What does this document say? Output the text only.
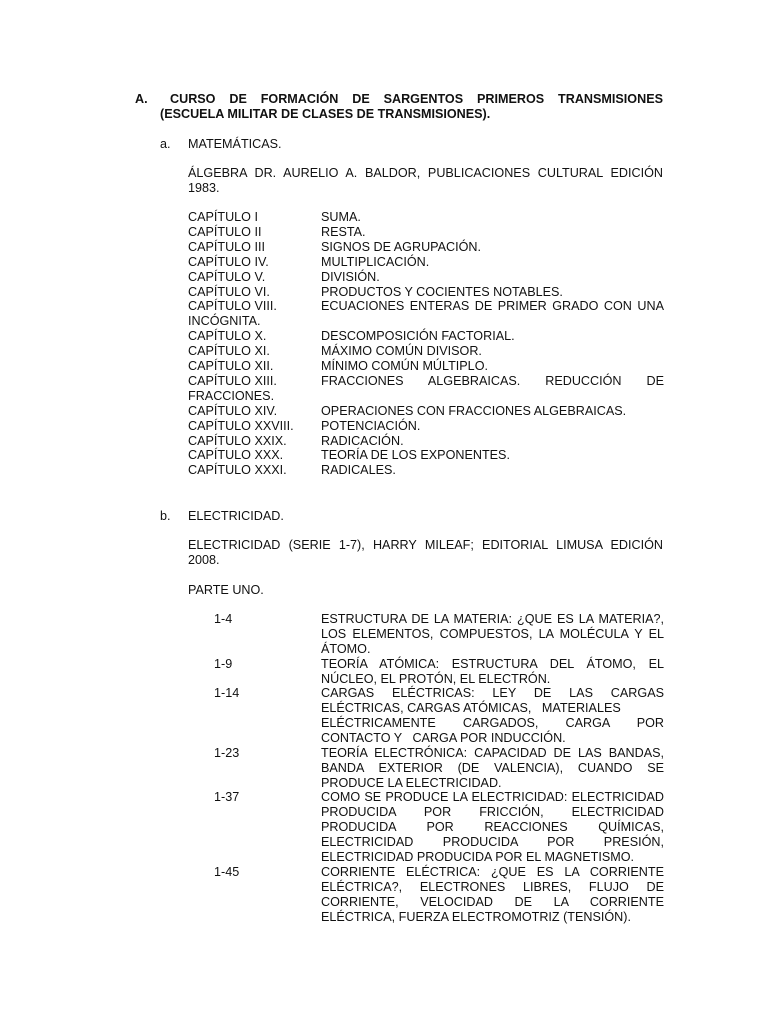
A. CURSO DE FORMACIÓN DE SARGENTOS PRIMEROS TRANSMISIONES
(ESCUELA MILITAR DE CLASES DE TRANSMISIONES).
a. MATEMÁTICAS.
ÁLGEBRA DR. AURELIO A. BALDOR, PUBLICACIONES CULTURAL EDICIÓN
1983.
CAPÍTULO I	SUMA.
CAPÍTULO II	RESTA.
CAPÍTULO III	SIGNOS DE AGRUPACIÓN.
CAPÍTULO IV.	MULTIPLICACIÓN.
CAPÍTULO V.	DIVISIÓN.
CAPÍTULO VI.	PRODUCTOS Y COCIENTES NOTABLES.
CAPÍTULO VIII.	ECUACIONES ENTERAS DE PRIMER GRADO CON UNA
INCÓGNITA.
CAPÍTULO X.	DESCOMPOSICIÓN FACTORIAL.
CAPÍTULO XI.	MÁXIMO COMÚN DIVISOR.
CAPÍTULO XII.	MÍNIMO COMÚN MÚLTIPLO.
CAPÍTULO XIII.	FRACCIONES ALGEBRAICAS. REDUCCIÓN DE
FRACCIONES.
CAPÍTULO XIV.	OPERACIONES CON FRACCIONES ALGEBRAICAS.
CAPÍTULO XXVIII. POTENCIACIÓN.
CAPÍTULO XXIX.	RADICACIÓN.
CAPÍTULO XXX.	TEORÍA DE LOS EXPONENTES.
CAPÍTULO XXXI.	RADICALES.
b. ELECTRICIDAD.
ELECTRICIDAD (SERIE 1-7), HARRY MILEAF; EDITORIAL LIMUSA EDICIÓN
2008.
PARTE UNO.
1-4	ESTRUCTURA DE LA MATERIA: ¿QUE ES LA MATERIA?,
LOS ELEMENTOS, COMPUESTOS, LA MOLÉCULA Y EL
ÁTOMO.
1-9	TEORÍA ATÓMICA: ESTRUCTURA DEL ÁTOMO, EL
NÚCLEO, EL PROTÓN, EL ELECTRÓN.
1-14	CARGAS ELÉCTRICAS: LEY DE LAS CARGAS
ELÉCTRICAS, CARGAS ATÓMICAS,   MATERIALES
ELÉCTRICAMENTE CARGADOS, CARGA POR
CONTACTO Y   CARGA POR INDUCCIÓN.
1-23	TEORÍA ELECTRÓNICA: CAPACIDAD DE LAS BANDAS,
BANDA EXTERIOR (DE VALENCIA), CUANDO SE
PRODUCE LA ELECTRICIDAD.
1-37	COMO SE PRODUCE LA ELECTRICIDAD: ELECTRICIDAD
PRODUCIDA POR FRICCIÓN, ELECTRICIDAD
PRODUCIDA POR REACCIONES QUÍMICAS,
ELECTRICIDAD PRODUCIDA POR PRESIÓN,
ELECTRICIDAD PRODUCIDA POR EL MAGNETISMO.
1-45	CORRIENTE ELÉCTRICA: ¿QUE ES LA CORRIENTE
ELÉCTRICA?, ELECTRONES LIBRES, FLUJO DE
CORRIENTE, VELOCIDAD DE LA CORRIENTE
ELÉCTRICA, FUERZA ELECTROMOTRIZ (TENSIÓN).
